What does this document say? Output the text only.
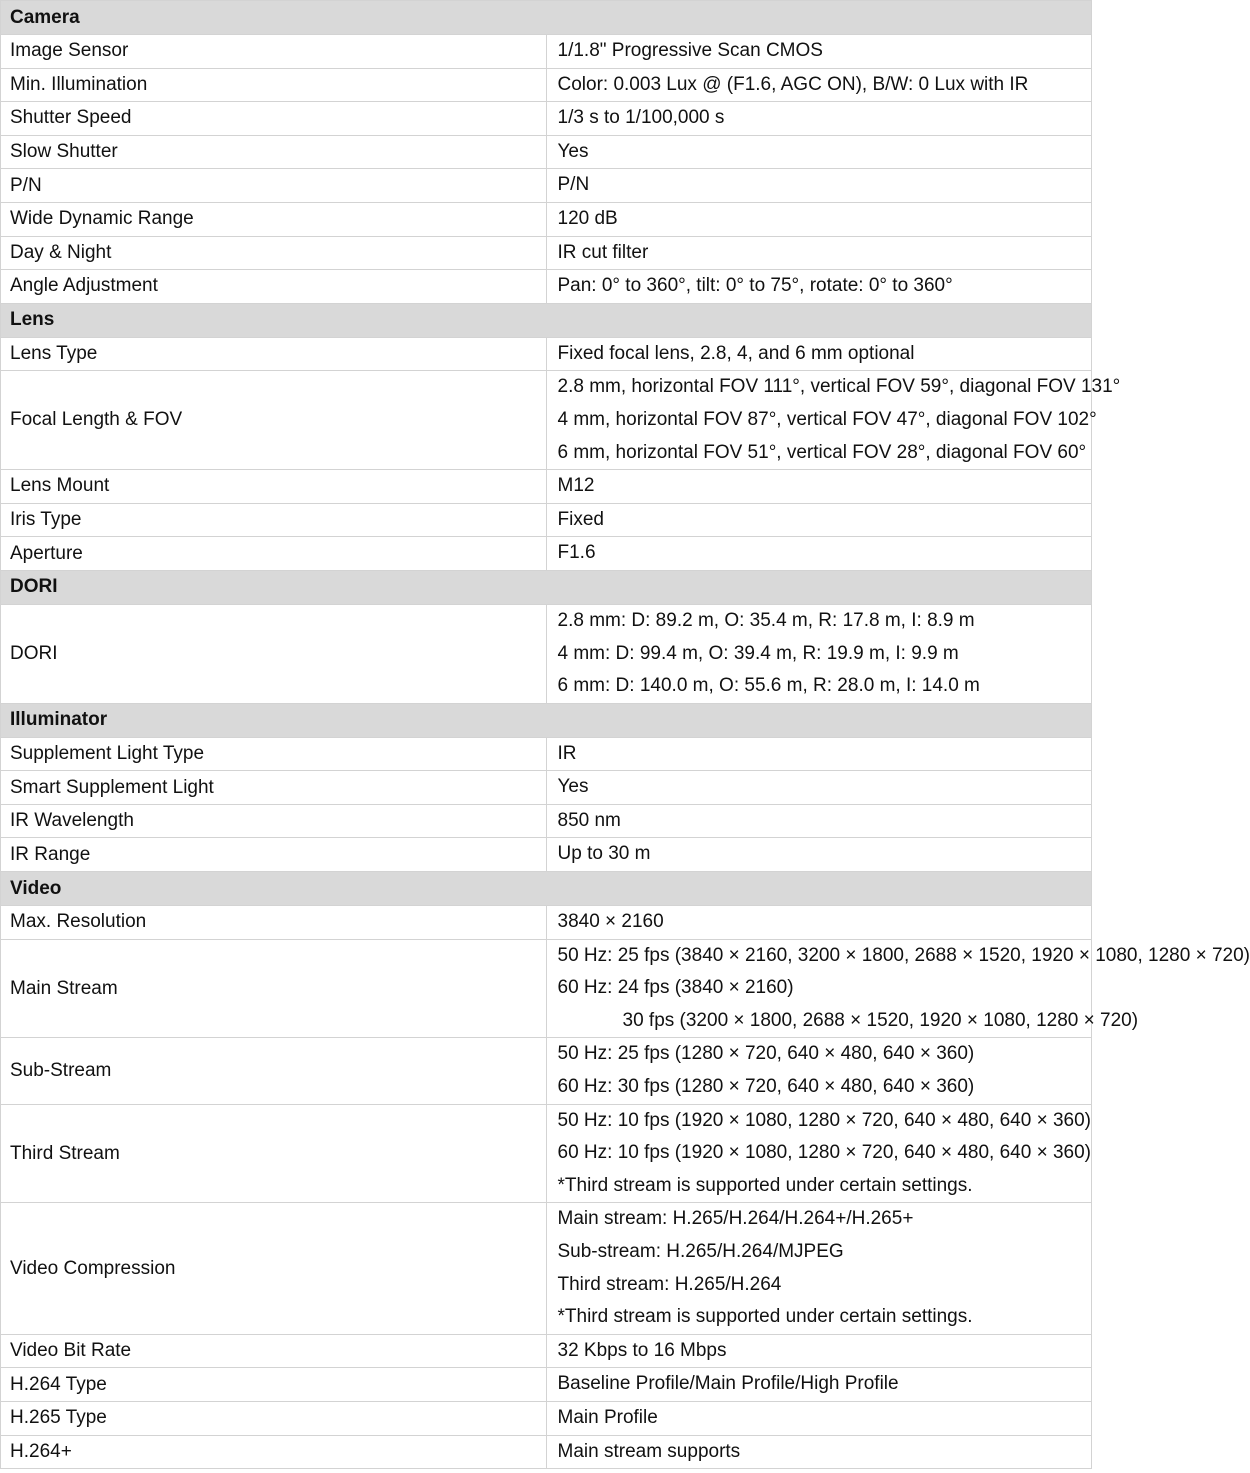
Camera	
Image Sensor	1/1.8" Progressive Scan CMOS

Min. Illumination	Color: 0.003 Lux @ (F1.6, AGC ON), B/W: 0 Lux with IR

Shutter Speed	1/3 s to 1/100,000 s

Slow Shutter	Yes

P/N	P/N

Wide Dynamic Range	120 dB

Day & Night	IR cut filter

Angle Adjustment	Pan: 0° to 360°, tilt: 0° to 75°, rotate: 0° to 360°

Lens	
Lens Type	Fixed focal lens, 2.8, 4, and 6 mm optional

Focal Length & FOV	2.8 mm, horizontal FOV 111°, vertical FOV 59°, diagonal FOV 131°
4 mm, horizontal FOV 87°, vertical FOV 47°, diagonal FOV 102°
6 mm, horizontal FOV 51°, vertical FOV 28°, diagonal FOV 60°

Lens Mount	M12

Iris Type	Fixed

Aperture	F1.6

DORI	
DORI	2.8 mm: D: 89.2 m, O: 35.4 m, R: 17.8 m, I: 8.9 m
4 mm: D: 99.4 m, O: 39.4 m, R: 19.9 m, I: 9.9 m
6 mm: D: 140.0 m, O: 55.6 m, R: 28.0 m, I: 14.0 m

Illuminator	
Supplement Light Type	IR

Smart Supplement Light	Yes

IR Wavelength	850 nm

IR Range	Up to 30 m

Video	
Max. Resolution	3840 × 2160

Main Stream	50 Hz: 25 fps (3840 × 2160, 3200 × 1800, 2688 × 1520, 1920 × 1080, 1280 × 720)
60 Hz: 24 fps (3840 × 2160)
30 fps (3200 × 1800, 2688 × 1520, 1920 × 1080, 1280 × 720)

Sub-Stream	50 Hz: 25 fps (1280 × 720, 640 × 480, 640 × 360)
60 Hz: 30 fps (1280 × 720, 640 × 480, 640 × 360)

Third Stream	50 Hz: 10 fps (1920 × 1080, 1280 × 720, 640 × 480, 640 × 360)
60 Hz: 10 fps (1920 × 1080, 1280 × 720, 640 × 480, 640 × 360)
*Third stream is supported under certain settings.

Video Compression	Main stream: H.265/H.264/H.264+/H.265+
Sub-stream: H.265/H.264/MJPEG
Third stream: H.265/H.264
*Third stream is supported under certain settings.

Video Bit Rate	32 Kbps to 16 Mbps

H.264 Type	Baseline Profile/Main Profile/High Profile

H.265 Type	Main Profile

H.264+	Main stream supports
